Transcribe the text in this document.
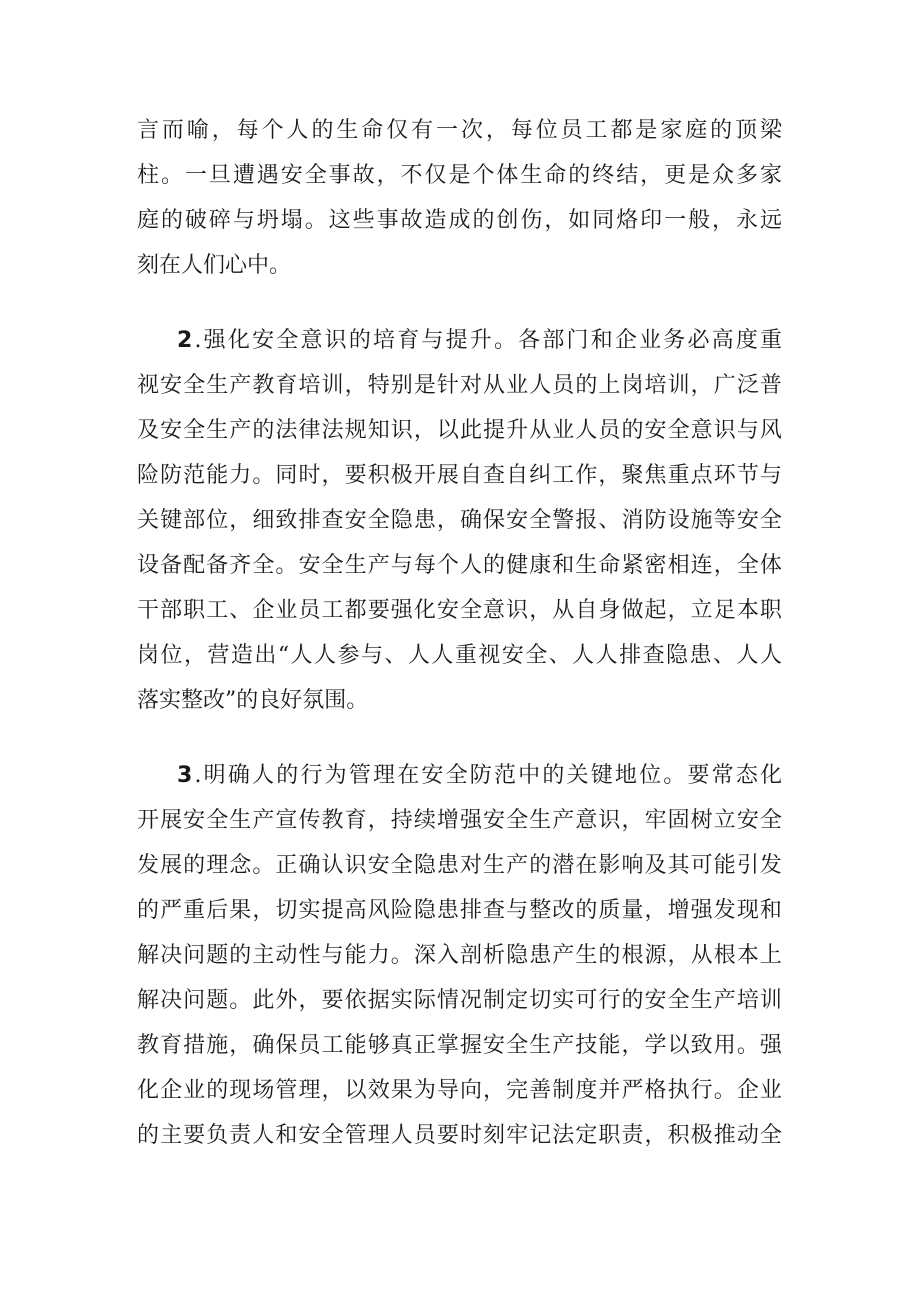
言而喻，每个人的生命仅有一次，每位员工都是家庭的顶梁

柱。一旦遭遇安全事故，不仅是个体生命的终结，更是众多家

庭的破碎与坍塌。这些事故造成的创伤，如同烙印一般，永远

刻在人们心中。

2.强化安全意识的培育与提升。各部门和企业务必高度重

视安全生产教育培训，特别是针对从业人员的上岗培训，广泛普

及安全生产的法律法规知识，以此提升从业人员的安全意识与风

险防范能力。同时，要积极开展自查自纠工作，聚焦重点环节与

关键部位，细致排查安全隐患，确保安全警报、消防设施等安全

设备配备齐全。安全生产与每个人的健康和生命紧密相连，全体

干部职工、企业员工都要强化安全意识，从自身做起，立足本职

岗位，营造出“人人参与、人人重视安全、人人排查隐患、人人

落实整改”的良好氛围。

3.明确人的行为管理在安全防范中的关键地位。要常态化

开展安全生产宣传教育，持续增强安全生产意识，牢固树立安全

发展的理念。正确认识安全隐患对生产的潜在影响及其可能引发

的严重后果，切实提高风险隐患排查与整改的质量，增强发现和

解决问题的主动性与能力。深入剖析隐患产生的根源，从根本上

解决问题。此外，要依据实际情况制定切实可行的安全生产培训

教育措施，确保员工能够真正掌握安全生产技能，学以致用。强

化企业的现场管理，以效果为导向，完善制度并严格执行。企业

的主要负责人和安全管理人员要时刻牢记法定职责，积极推动全
